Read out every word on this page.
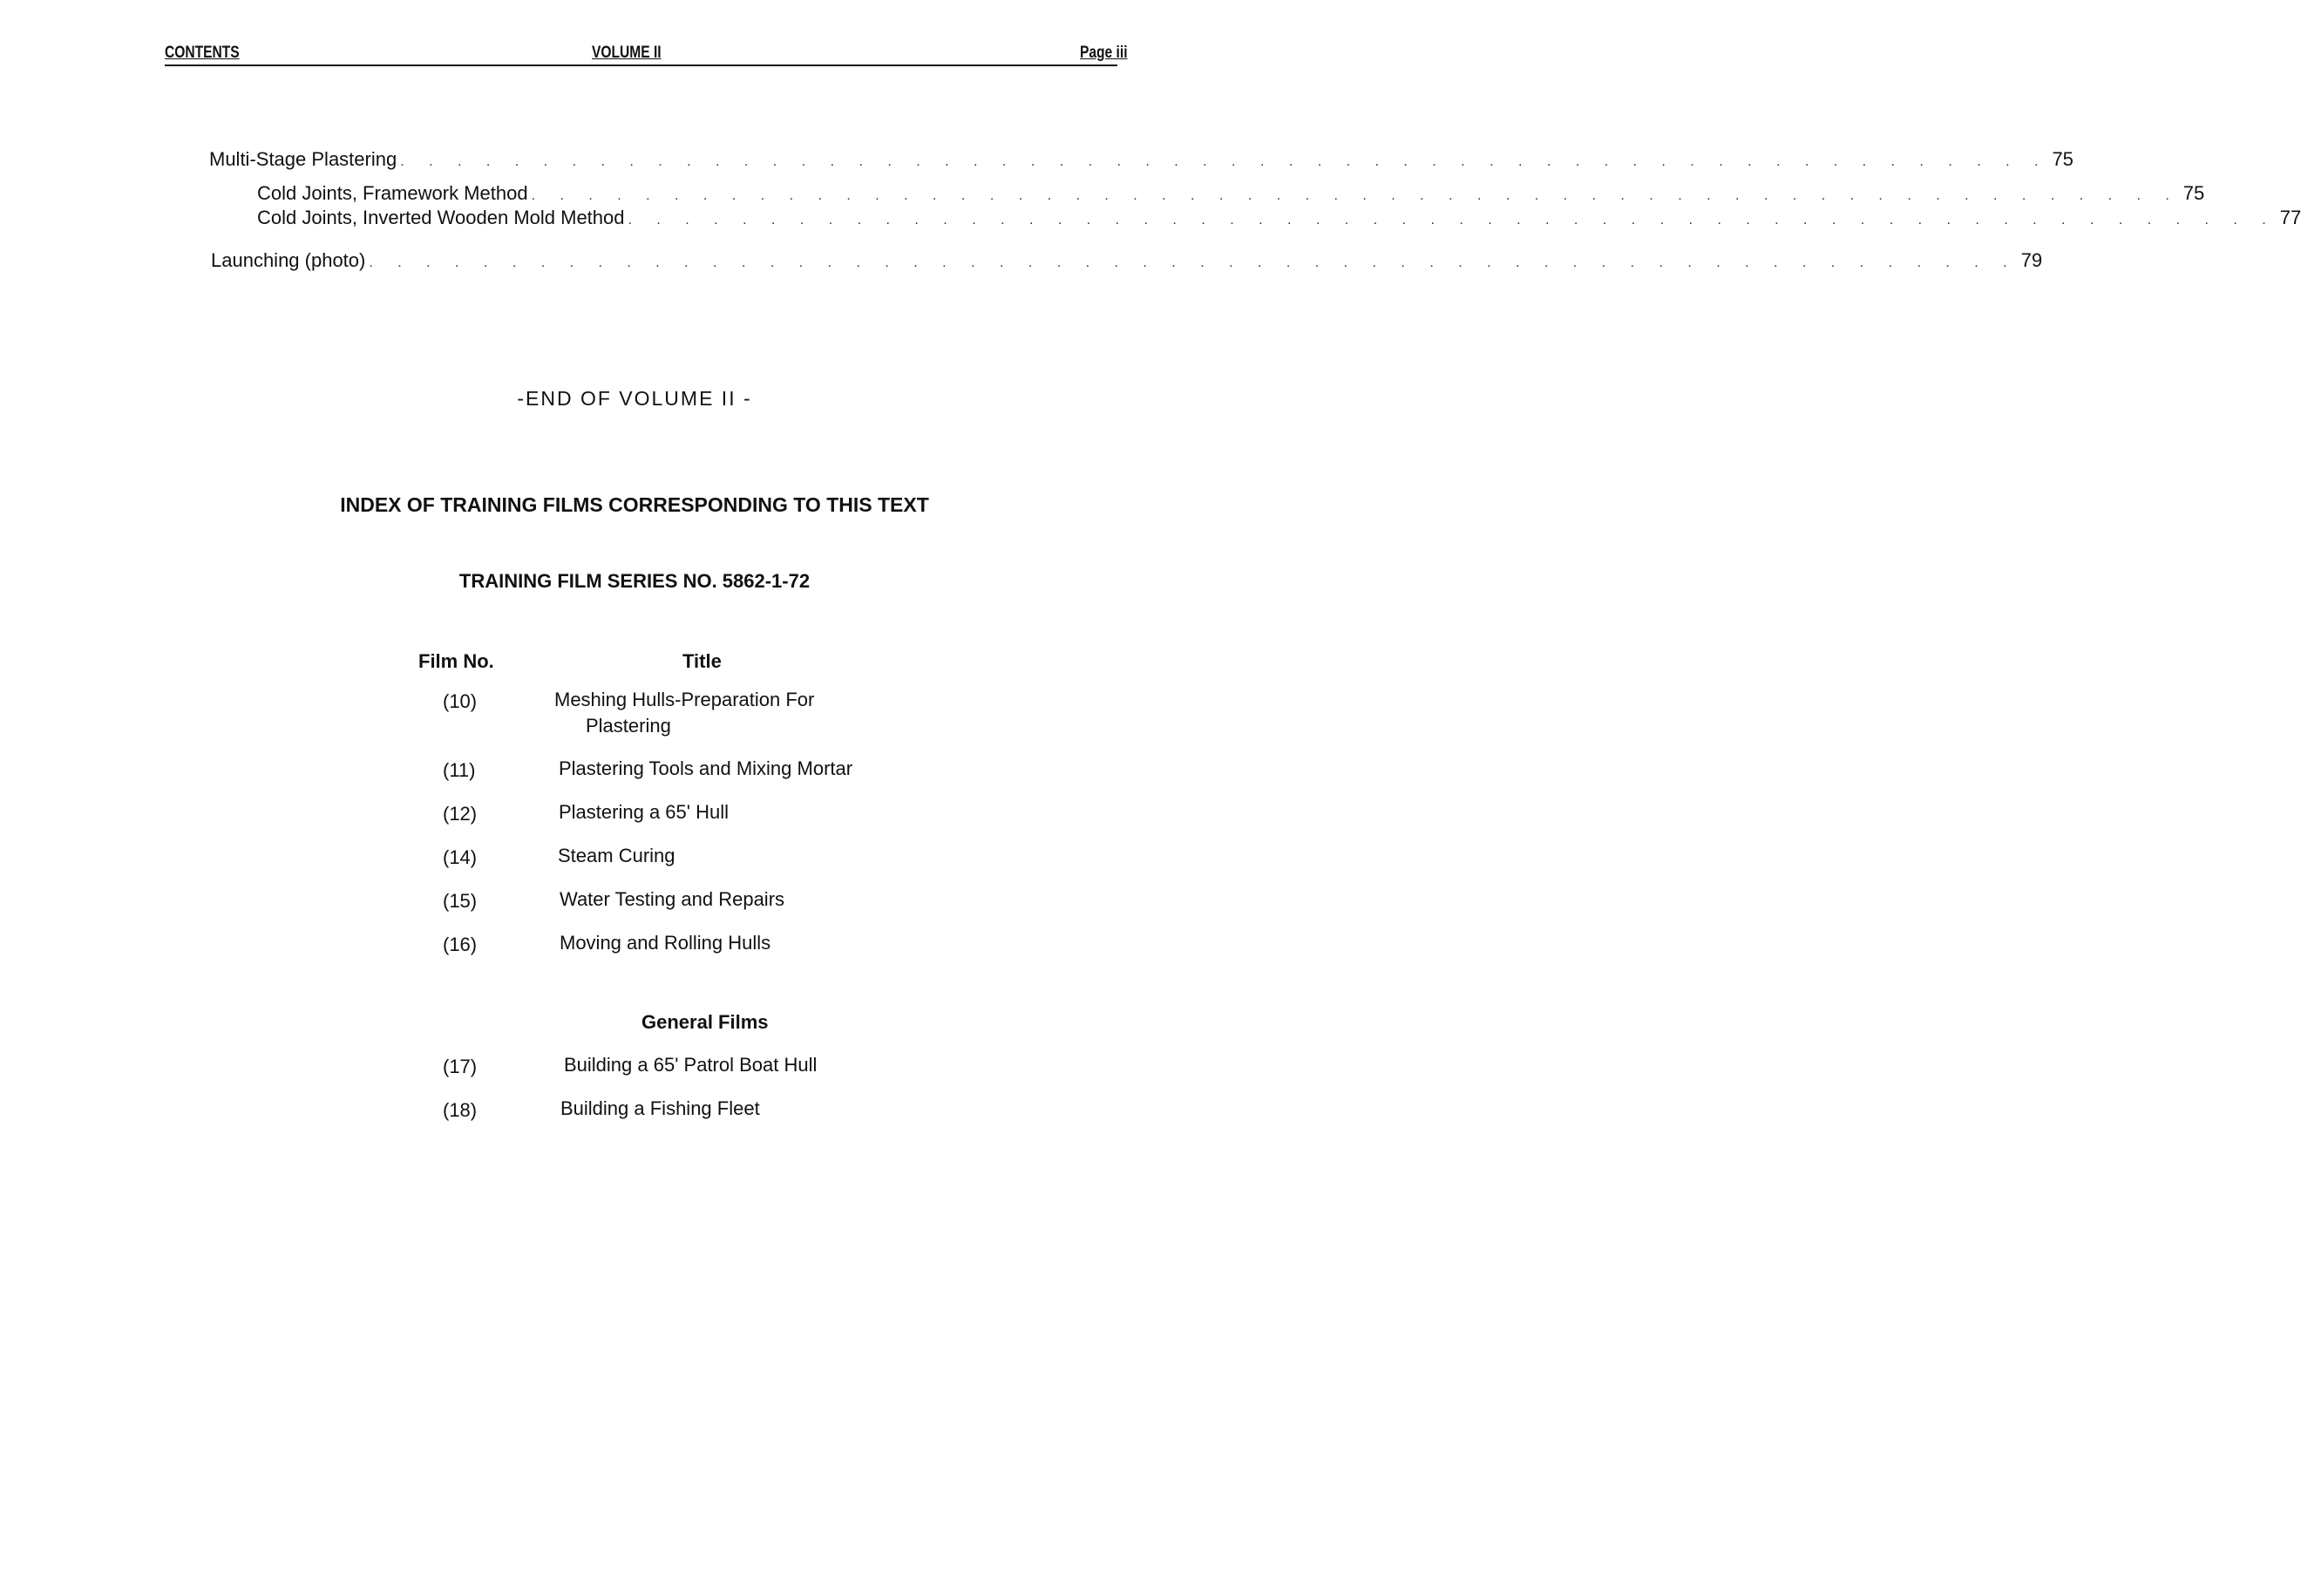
CONTENTS	VOLUME II	Page iii
Multi-Stage Plastering . . . . . . . . . . . . . . . . . . . . . . . . . . . . . . . . . . . . . . . . . . . . . . . . . . . . . . . . . . 75
Cold Joints, Framework Method . . . . . . . . . . . . . . . . . . . . . . . . . . . . . . . . . . . . . . . . . . . . . . . . . . . . . . . . . . 75
Cold Joints, Inverted Wooden Mold Method . . . . . . . . . . . . . . . . . . . . . . . . . . . . . . . . . . . . . . . . . . . . . . . . . . . . . . . . . . 77
Launching (photo) . . . . . . . . . . . . . . . . . . . . . . . . . . . . . . . . . . . . . . . . . . . . . . . . . . . . . . . . . . 79
-END OF VOLUME II -
INDEX OF TRAINING FILMS CORRESPONDING TO THIS TEXT
TRAINING FILM SERIES NO. 5862-1-72
Film No.	Title
(10)	Meshing Hulls-Preparation For
Plastering
(11)	Plastering Tools and Mixing Mortar
(12)	Plastering a 65' Hull
(14)	Steam Curing
(15)	Water Testing and Repairs
(16)	Moving and Rolling Hulls
General Films
(17)	Building a 65' Patrol Boat Hull
(18)	Building a Fishing Fleet
